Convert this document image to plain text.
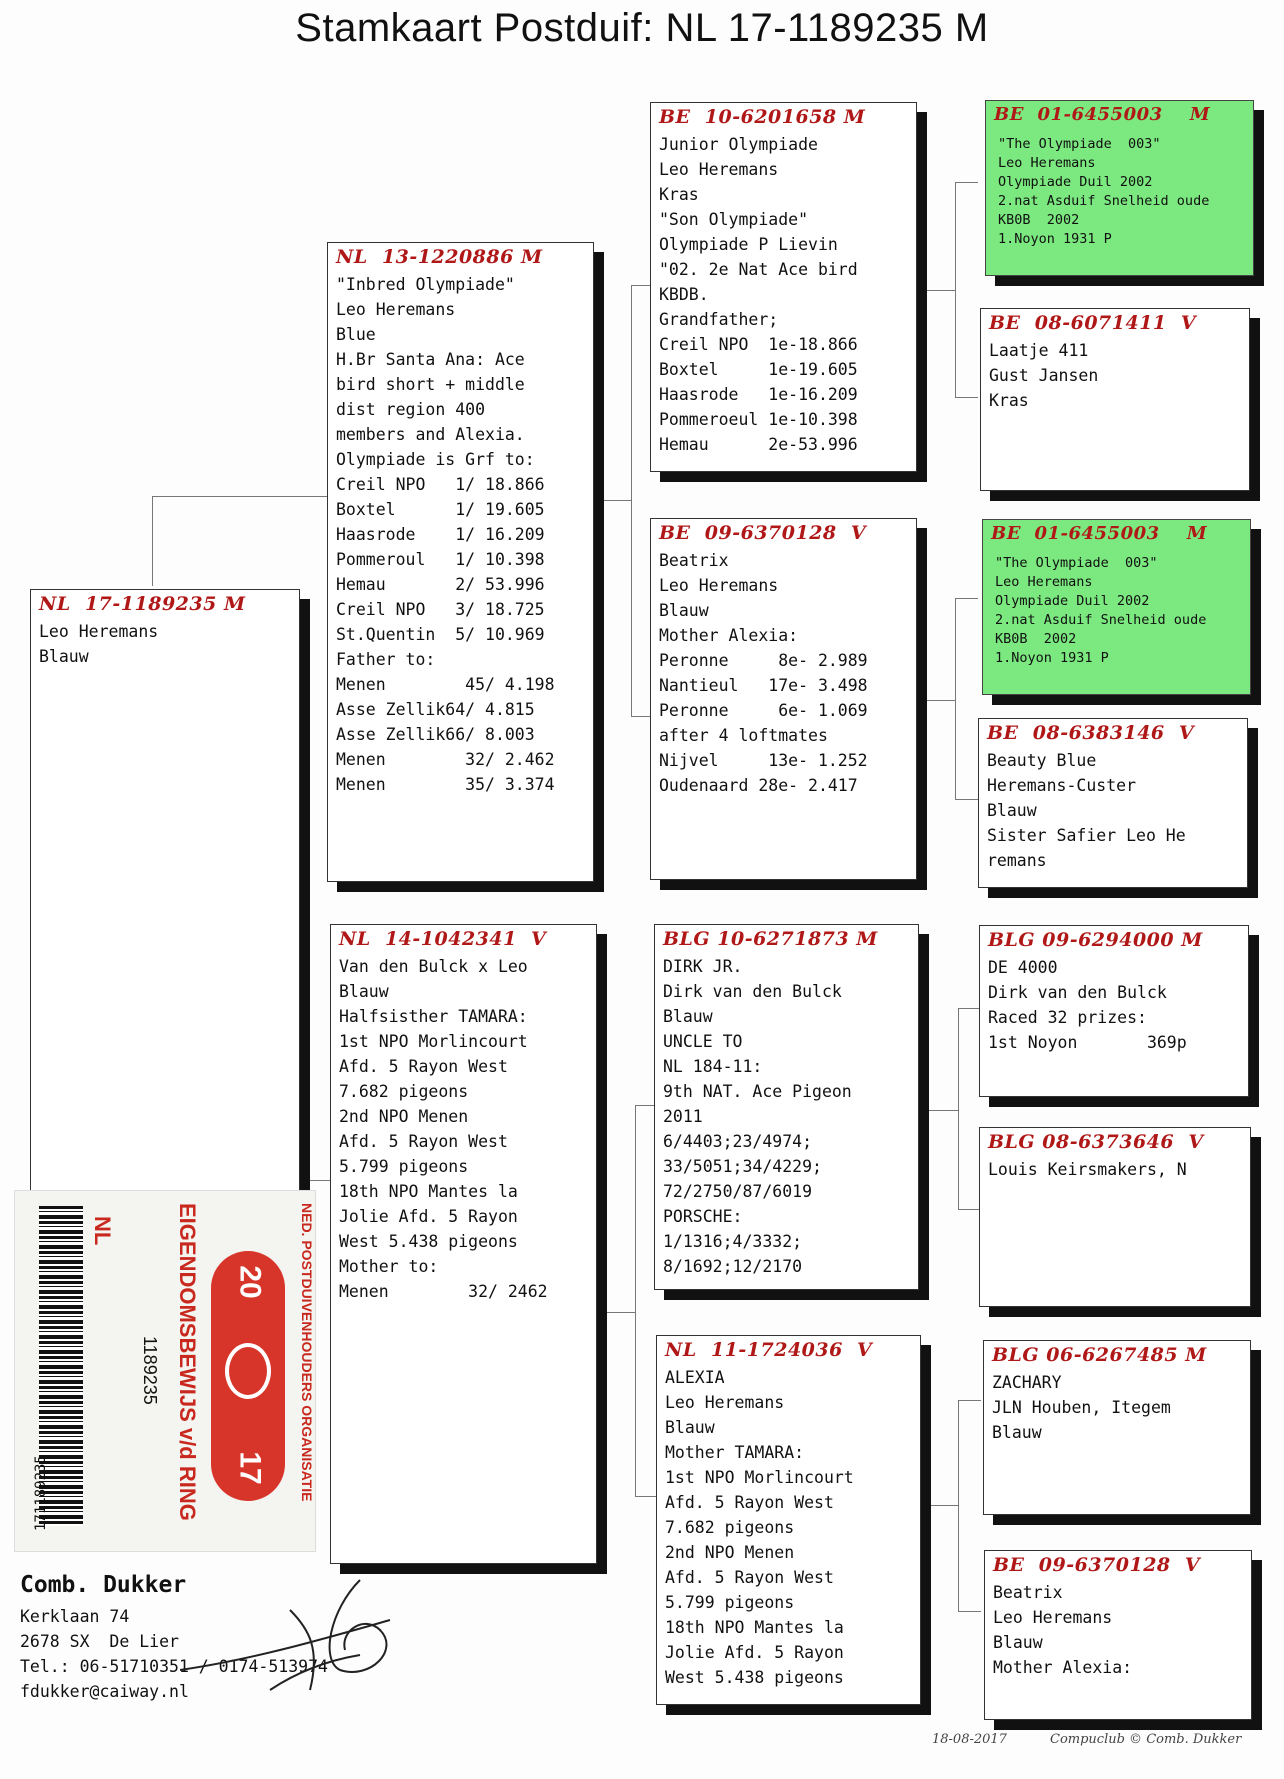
Stamkaart Postduif: NL 17-1189235 M
NL  17-1189235 M
Leo Heremans
Blauw
NL  13-1220886 M
"Inbred Olympiade"
Leo Heremans
Blue
H.Br Santa Ana: Ace
bird short + middle
dist region 400
members and Alexia.
Olympiade is Grf to:
Creil NPO   1/ 18.866
Boxtel      1/ 19.605
Haasrode    1/ 16.209
Pommeroul   1/ 10.398
Hemau       2/ 53.996
Creil NPO   3/ 18.725
St.Quentin  5/ 10.969
Father to:
Menen        45/ 4.198
Asse Zellik64/ 4.815
Asse Zellik66/ 8.003
Menen        32/ 2.462
Menen        35/ 3.374
NL  14-1042341  V
Van den Bulck x Leo
Blauw
Halfsisther TAMARA:
1st NPO Morlincourt
Afd. 5 Rayon West
7.682 pigeons
2nd NPO Menen
Afd. 5 Rayon West
5.799 pigeons
18th NPO Mantes la
Jolie Afd. 5 Rayon
West 5.438 pigeons
Mother to:
Menen        32/ 2462
BE  10-6201658 M
Junior Olympiade
Leo Heremans
Kras
"Son Olympiade"
Olympiade P Lievin
"02. 2e Nat Ace bird
KBDB.
Grandfather;
Creil NPO  1e-18.866
Boxtel     1e-19.605
Haasrode   1e-16.209
Pommeroeul 1e-10.398
Hemau      2e-53.996
BE  09-6370128  V
Beatrix
Leo Heremans
Blauw
Mother Alexia:
Peronne     8e- 2.989
Nantieul   17e- 3.498
Peronne     6e- 1.069
after 4 loftmates
Nijvel     13e- 1.252
Oudenaard 28e- 2.417
BLG 10-6271873 M
DIRK JR.
Dirk van den Bulck
Blauw
UNCLE TO
NL 184-11:
9th NAT. Ace Pigeon
2011
6/4403;23/4974;
33/5051;34/4229;
72/2750/87/6019
PORSCHE:
1/1316;4/3332;
8/1692;12/2170
NL  11-1724036  V
ALEXIA
Leo Heremans
Blauw
Mother TAMARA:
1st NPO Morlincourt
Afd. 5 Rayon West
7.682 pigeons
2nd NPO Menen
Afd. 5 Rayon West
5.799 pigeons
18th NPO Mantes la
Jolie Afd. 5 Rayon
West 5.438 pigeons
BE  01-6455003    M
"The Olympiade  003"
Leo Heremans
Olympiade Duil 2002
2.nat Asduif Snelheid oude
KB0B  2002
1.Noyon 1931 P
BE  08-6071411  V
Laatje 411
Gust Jansen
Kras
BE  01-6455003    M
"The Olympiade  003"
Leo Heremans
Olympiade Duil 2002
2.nat Asduif Snelheid oude
KB0B  2002
1.Noyon 1931 P
BE  08-6383146  V
Beauty Blue
Heremans-Custer
Blauw
Sister Safier Leo He
remans
BLG 09-6294000 M
DE 4000
Dirk van den Bulck
Raced 32 prizes:
1st Noyon       369p
BLG 08-6373646  V
Louis Keirsmakers, N
BLG 06-6267485 M
ZACHARY
JLN Houben, Itegem
Blauw
BE  09-6370128  V
Beatrix
Leo Heremans
Blauw
Mother Alexia:
171189235
NL
1189235 EIGENDOMSBEWIJS v/d RING	NED. POSTDUIVENHOUDERS ORGANISATIE
20
17
Comb. Dukker
Kerklaan 74
2678 SX  De Lier
Tel.: 06-51710351 / 0174-513974
fdukker@caiway.nl
18-08-2017	Compuclub © Comb. Dukker
